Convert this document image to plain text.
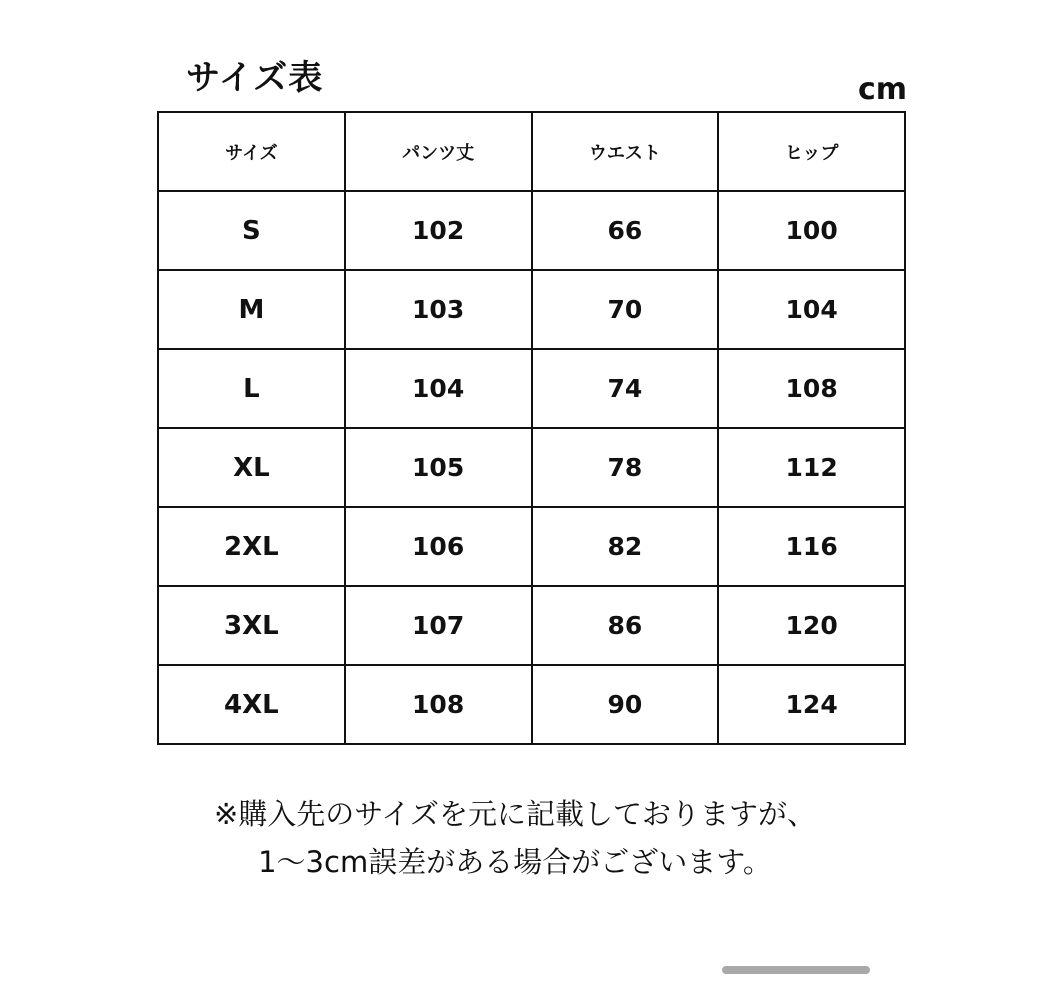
サイズ表	cm
サイズ	パンツ丈	ウエスト	ヒップ
S	102	66	100
M	103	70	104
L	104	74	108
XL	105	78	112
2XL	106	82	116
3XL	107	86	120
4XL	108	90	124
※購入先のサイズを元に記載しておりますが、
1〜3cm誤差がある場合がございます。
